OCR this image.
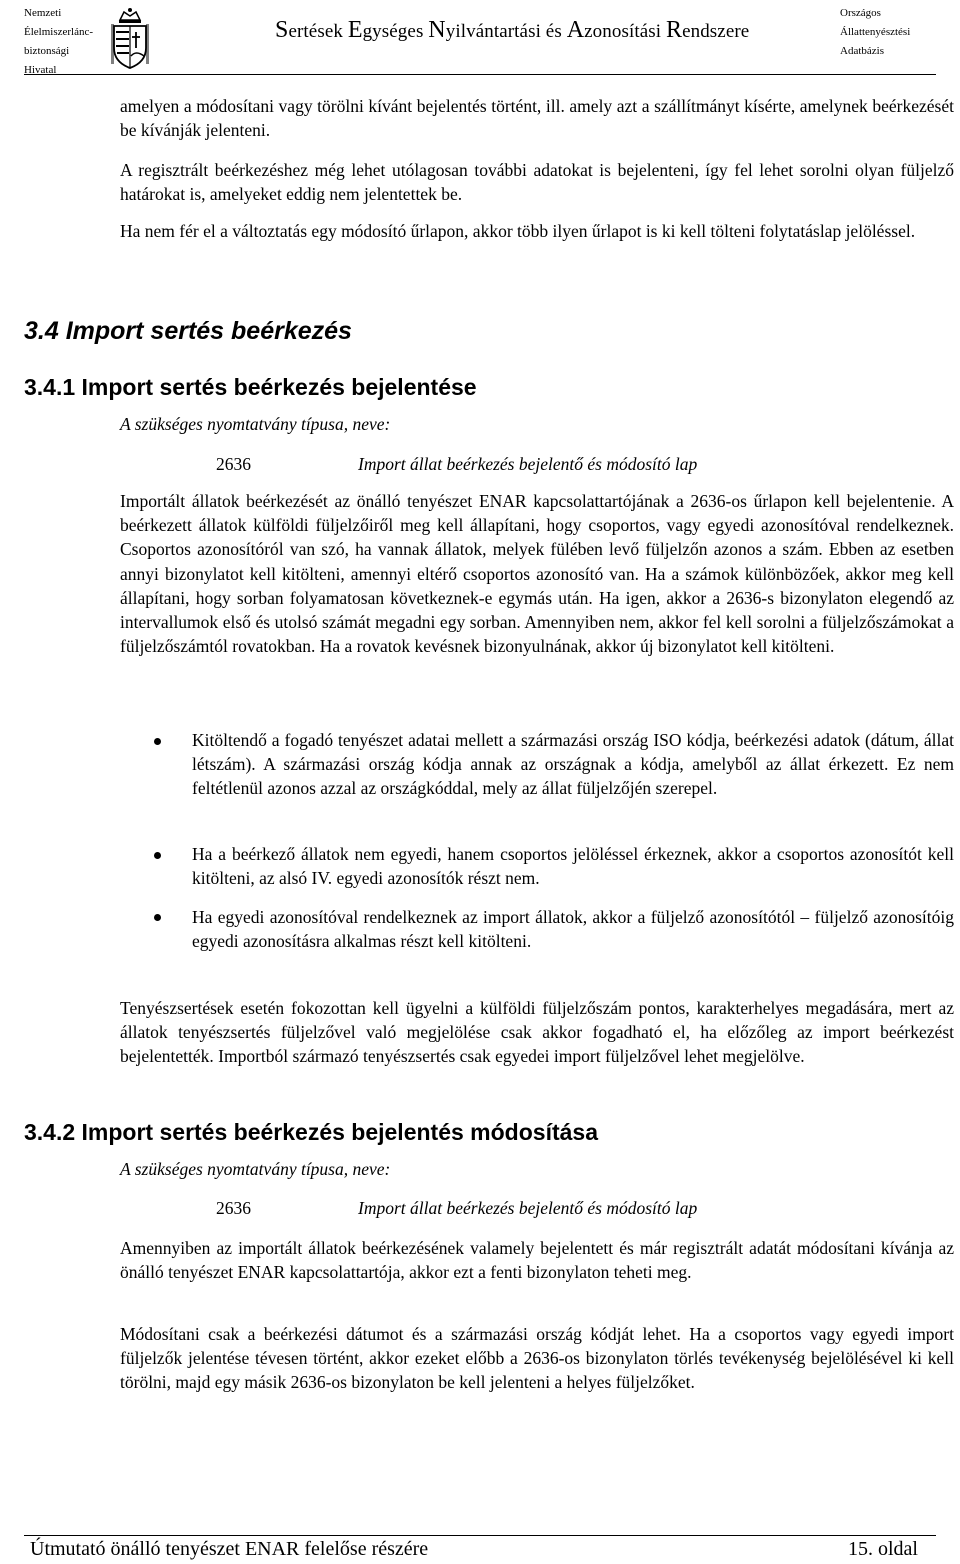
Nemzeti
Élelmiszerlánc-
biztonsági
Hivatal
Sertések Egységes Nyilvántartási és Azonosítási Rendszere
Országos
Állattenyésztési
Adatbázis

amelyen a módosítani vagy törölni kívánt bejelentés történt, ill. amely azt a szállítmányt kísérte, amelynek beérkezését be kívánják jelenteni.

A regisztrált beérkezéshez még lehet utólagosan további adatokat is bejelenteni, így fel lehet sorolni olyan füljelző határokat is, amelyeket eddig nem jelentettek be.

Ha nem fér el a változtatás egy módosító űrlapon, akkor több ilyen űrlapot is ki kell tölteni folytatáslap jelöléssel.

3.4 Import sertés beérkezés
3.4.1 Import sertés beérkezés bejelentése
A szükséges nyomtatvány típusa, neve:
2636	Import állat beérkezés bejelentő és módosító lap

Importált állatok beérkezését az önálló tenyészet ENAR kapcsolattartójának a 2636-os űrlapon kell bejelentenie. A beérkezett állatok külföldi füljelzőiről meg kell állapítani, hogy csoportos, vagy egyedi azonosítóval rendelkeznek. Csoportos azonosítóról van szó, ha vannak állatok, melyek fülében levő füljelzőn azonos a szám. Ebben az esetben annyi bizonylatot kell kitölteni, amennyi eltérő csoportos azonosító van. Ha a számok különbözőek, akkor meg kell állapítani, hogy sorban folyamatosan következnek-e egymás után. Ha igen, akkor a 2636-s bizonylaton elegendő az intervallumok első és utolsó számát megadni egy sorban. Amennyiben nem, akkor fel kell sorolni a füljelzőszámokat a füljelzőszámtól rovatokban. Ha a rovatok kevésnek bizonyulnának, akkor új bizonylatot kell kitölteni.

Kitöltendő a fogadó tenyészet adatai mellett a származási ország ISO kódja, beérkezési adatok (dátum, állat létszám). A származási ország kódja annak az országnak a kódja, amelyből az állat érkezett. Ez nem feltétlenül azonos azzal az országkóddal, mely az állat füljelzőjén szerepel.

Ha a beérkező állatok nem egyedi, hanem csoportos jelöléssel érkeznek, akkor a csoportos azonosítót kell kitölteni, az alsó IV. egyedi azonosítók részt nem.

Ha egyedi azonosítóval rendelkeznek az import állatok, akkor a füljelző azonosítótól – füljelző azonosítóig egyedi azonosításra alkalmas részt kell kitölteni.

Tenyészsertések esetén fokozottan kell ügyelni a külföldi füljelzőszám pontos, karakterhelyes megadására, mert az állatok tenyészsertés füljelzővel való megjelölése csak akkor fogadható el, ha előzőleg az import beérkezést bejelentették. Importból származó tenyészsertés csak egyedei import füljelzővel lehet megjelölve.

3.4.2 Import sertés beérkezés bejelentés módosítása
A szükséges nyomtatvány típusa, neve:
2636	Import állat beérkezés bejelentő és módosító lap

Amennyiben az importált állatok beérkezésének valamely bejelentett és már regisztrált adatát módosítani kívánja az önálló tenyészet ENAR kapcsolattartója, akkor ezt a fenti bizonylaton teheti meg.

Módosítani csak a beérkezési dátumot és a származási ország kódját lehet. Ha a csoportos vagy egyedi import füljelzők jelentése tévesen történt, akkor ezeket előbb a 2636-os bizonylaton törlés tevékenység bejelölésével ki kell törölni, majd egy másik 2636-os bizonylaton be kell jelenteni a helyes füljelzőket.

Útmutató önálló tenyészet ENAR felelőse részére	15. oldal
